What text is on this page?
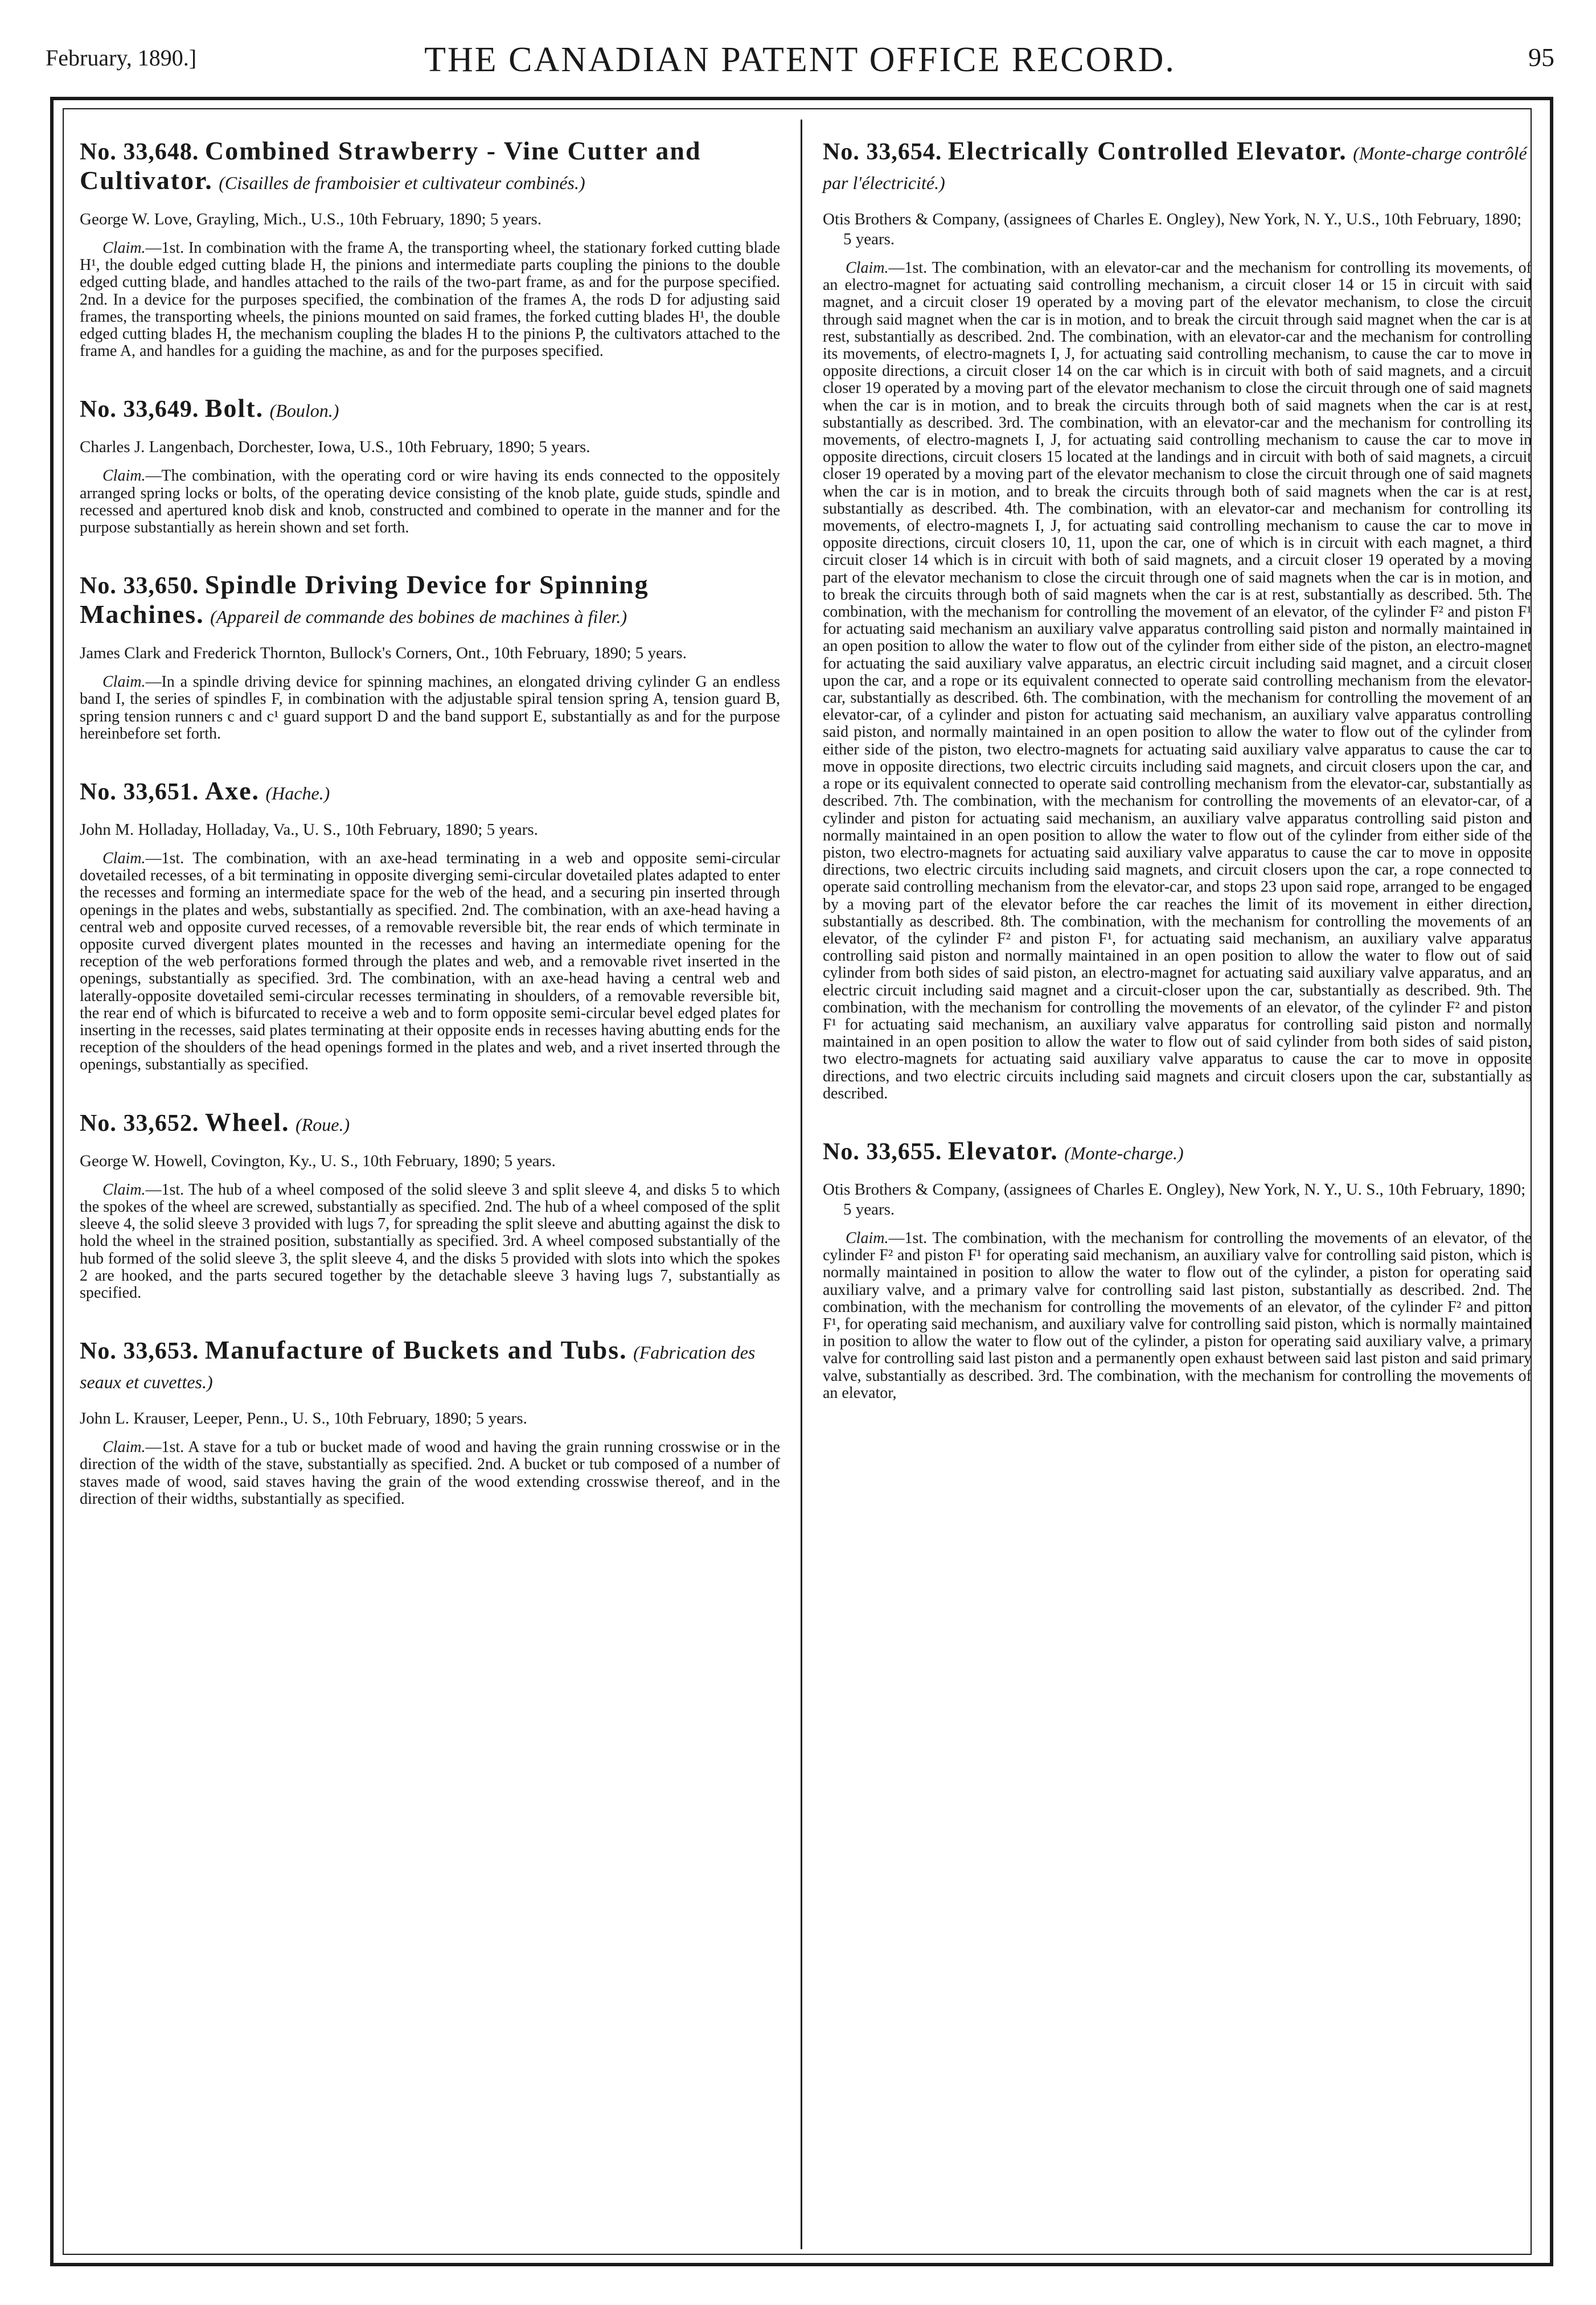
February, 1890.]	THE CANADIAN PATENT OFFICE RECORD.	95
No. 33,648. Combined Strawberry - Vine Cutter and Cultivator. (Cisailles de framboisier et cultivateur combinés.)
George W. Love, Grayling, Mich., U.S., 10th February, 1890; 5 years.
Claim.—1st. In combination with the frame A, the transporting wheel, the stationary forked cutting blade H¹, the double edged cutting blade H, the pinions and intermediate parts coupling the pinions to the double edged cutting blade, and handles attached to the rails of the two-part frame, as and for the purpose specified. 2nd. In a device for the purposes specified, the combination of the frames A, the rods D for adjusting said frames, the transporting wheels, the pinions mounted on said frames, the forked cutting blades H¹, the double edged cutting blades H, the mechanism coupling the blades H to the pinions P, the cultivators attached to the frame A, and handles for a guiding the machine, as and for the purposes specified.
No. 33,649. Bolt. (Boulon.)
Charles J. Langenbach, Dorchester, Iowa, U.S., 10th February, 1890; 5 years.
Claim.—The combination, with the operating cord or wire having its ends connected to the oppositely arranged spring locks or bolts, of the operating device consisting of the knob plate, guide studs, spindle and recessed and apertured knob disk and knob, constructed and combined to operate in the manner and for the purpose substantially as herein shown and set forth.
No. 33,650. Spindle Driving Device for Spinning Machines. (Appareil de commande des bobines de machines à filer.)
James Clark and Frederick Thornton, Bullock's Corners, Ont., 10th February, 1890; 5 years.
Claim.—In a spindle driving device for spinning machines, an elongated driving cylinder G an endless band I, the series of spindles F, in combination with the adjustable spiral tension spring A, tension guard B, spring tension runners c and c¹ guard support D and the band support E, substantially as and for the purpose hereinbefore set forth.
No. 33,651. Axe. (Hache.)
John M. Holladay, Holladay, Va., U. S., 10th February, 1890; 5 years.
Claim.—1st. The combination, with an axe-head terminating in a web and opposite semi-circular dovetailed recesses, of a bit terminating in opposite diverging semi-circular dovetailed plates adapted to enter the recesses and forming an intermediate space for the web of the head, and a securing pin inserted through openings in the plates and webs, substantially as specified. 2nd. The combination, with an axe-head having a central web and opposite curved recesses, of a removable reversible bit, the rear ends of which terminate in opposite curved divergent plates mounted in the recesses and having an intermediate opening for the reception of the web perforations formed through the plates and web, and a removable rivet inserted in the openings, substantially as specified. 3rd. The combination, with an axe-head having a central web and laterally-opposite dovetailed semi-circular recesses terminating in shoulders, of a removable reversible bit, the rear end of which is bifurcated to receive a web and to form opposite semi-circular bevel edged plates for inserting in the recesses, said plates terminating at their opposite ends in recesses having abutting ends for the reception of the shoulders of the head openings formed in the plates and web, and a rivet inserted through the openings, substantially as specified.
No. 33,652. Wheel. (Roue.)
George W. Howell, Covington, Ky., U. S., 10th February, 1890; 5 years.
Claim.—1st. The hub of a wheel composed of the solid sleeve 3 and split sleeve 4, and disks 5 to which the spokes of the wheel are screwed, substantially as specified. 2nd. The hub of a wheel composed of the split sleeve 4, the solid sleeve 3 provided with lugs 7, for spreading the split sleeve and abutting against the disk to hold the wheel in the strained position, substantially as specified. 3rd. A wheel composed substantially of the hub formed of the solid sleeve 3, the split sleeve 4, and the disks 5 provided with slots into which the spokes 2 are hooked, and the parts secured together by the detachable sleeve 3 having lugs 7, substantially as specified.
No. 33,653. Manufacture of Buckets and Tubs. (Fabrication des seaux et cuvettes.)
John L. Krauser, Leeper, Penn., U. S., 10th February, 1890; 5 years.
Claim.—1st. A stave for a tub or bucket made of wood and having the grain running crosswise or in the direction of the width of the stave, substantially as specified. 2nd. A bucket or tub composed of a number of staves made of wood, said staves having the grain of the wood extending crosswise thereof, and in the direction of their widths, substantially as specified.
No. 33,654. Electrically Controlled Elevator. (Monte-charge contrôlé par l'électricité.)
Otis Brothers & Company, (assignees of Charles E. Ongley), New York, N. Y., U.S., 10th February, 1890; 5 years.
Claim.—1st. The combination, with an elevator-car and the mechanism for controlling its movements, of an electro-magnet for actuating said controlling mechanism, a circuit closer 14 or 15 in circuit with said magnet, and a circuit closer 19 operated by a moving part of the elevator mechanism, to close the circuit through said magnet when the car is in motion, and to break the circuit through said magnet when the car is at rest, substantially as described. 2nd. The combination, with an elevator-car and the mechanism for controlling its movements, of electro-magnets I, J, for actuating said controlling mechanism, to cause the car to move in opposite directions, a circuit closer 14 on the car which is in circuit with both of said magnets, and a circuit closer 19 operated by a moving part of the elevator mechanism to close the circuit through one of said magnets when the car is in motion, and to break the circuits through both of said magnets when the car is at rest, substantially as described. 3rd. The combination, with an elevator-car and the mechanism for controlling its movements, of electro-magnets I, J, for actuating said controlling mechanism to cause the car to move in opposite directions, circuit closers 15 located at the landings and in circuit with both of said magnets, a circuit closer 19 operated by a moving part of the elevator mechanism to close the circuit through one of said magnets when the car is in motion, and to break the circuits through both of said magnets when the car is at rest, substantially as described. 4th. The combination, with an elevator-car and mechanism for controlling its movements, of electro-magnets I, J, for actuating said controlling mechanism to cause the car to move in opposite directions, circuit closers 10, 11, upon the car, one of which is in circuit with each magnet, a third circuit closer 14 which is in circuit with both of said magnets, and a circuit closer 19 operated by a moving part of the elevator mechanism to close the circuit through one of said magnets when the car is in motion, and to break the circuits through both of said magnets when the car is at rest, substantially as described. 5th. The combination, with the mechanism for controlling the movement of an elevator, of the cylinder F² and piston F¹ for actuating said mechanism an auxiliary valve apparatus controlling said piston and normally maintained in an open position to allow the water to flow out of the cylinder from either side of the piston, an electro-magnet for actuating the said auxiliary valve apparatus, an electric circuit including said magnet, and a circuit closer upon the car, and a rope or its equivalent connected to operate said controlling mechanism from the elevator-car, substantially as described. 6th. The combination, with the mechanism for controlling the movement of an elevator-car, of a cylinder and piston for actuating said mechanism, an auxiliary valve apparatus controlling said piston, and normally maintained in an open position to allow the water to flow out of the cylinder from either side of the piston, two electro-magnets for actuating said auxiliary valve apparatus to cause the car to move in opposite directions, two electric circuits including said magnets, and circuit closers upon the car, and a rope or its equivalent connected to operate said controlling mechanism from the elevator-car, substantially as described. 7th. The combination, with the mechanism for controlling the movements of an elevator-car, of a cylinder and piston for actuating said mechanism, an auxiliary valve apparatus controlling said piston and normally maintained in an open position to allow the water to flow out of the cylinder from either side of the piston, two electro-magnets for actuating said auxiliary valve apparatus to cause the car to move in opposite directions, two electric circuits including said magnets, and circuit closers upon the car, a rope connected to operate said controlling mechanism from the elevator-car, and stops 23 upon said rope, arranged to be engaged by a moving part of the elevator before the car reaches the limit of its movement in either direction, substantially as described. 8th. The combination, with the mechanism for controlling the movements of an elevator, of the cylinder F² and piston F¹, for actuating said mechanism, an auxiliary valve apparatus controlling said piston and normally maintained in an open position to allow the water to flow out of said cylinder from both sides of said piston, an electro-magnet for actuating said auxiliary valve apparatus, and an electric circuit including said magnet and a circuit-closer upon the car, substantially as described. 9th. The combination, with the mechanism for controlling the movements of an elevator, of the cylinder F² and piston F¹ for actuating said mechanism, an auxiliary valve apparatus for controlling said piston and normally maintained in an open position to allow the water to flow out of said cylinder from both sides of said piston, two electro-magnets for actuating said auxiliary valve apparatus to cause the car to move in opposite directions, and two electric circuits including said magnets and circuit closers upon the car, substantially as described.
No. 33,655. Elevator. (Monte-charge.)
Otis Brothers & Company, (assignees of Charles E. Ongley), New York, N. Y., U. S., 10th February, 1890; 5 years.
Claim.—1st. The combination, with the mechanism for controlling the movements of an elevator, of the cylinder F² and piston F¹ for operating said mechanism, an auxiliary valve for controlling said piston, which is normally maintained in position to allow the water to flow out of the cylinder, a piston for operating said auxiliary valve, and a primary valve for controlling said last piston, substantially as described. 2nd. The combination, with the mechanism for controlling the movements of an elevator, of the cylinder F² and pitton F¹, for operating said mechanism, and auxiliary valve for controlling said piston, which is normally maintained in position to allow the water to flow out of the cylinder, a piston for operating said auxiliary valve, a primary valve for controlling said last piston and a permanently open exhaust between said last piston and said primary valve, substantially as described. 3rd. The combination, with the mechanism for controlling the movements of an elevator,
